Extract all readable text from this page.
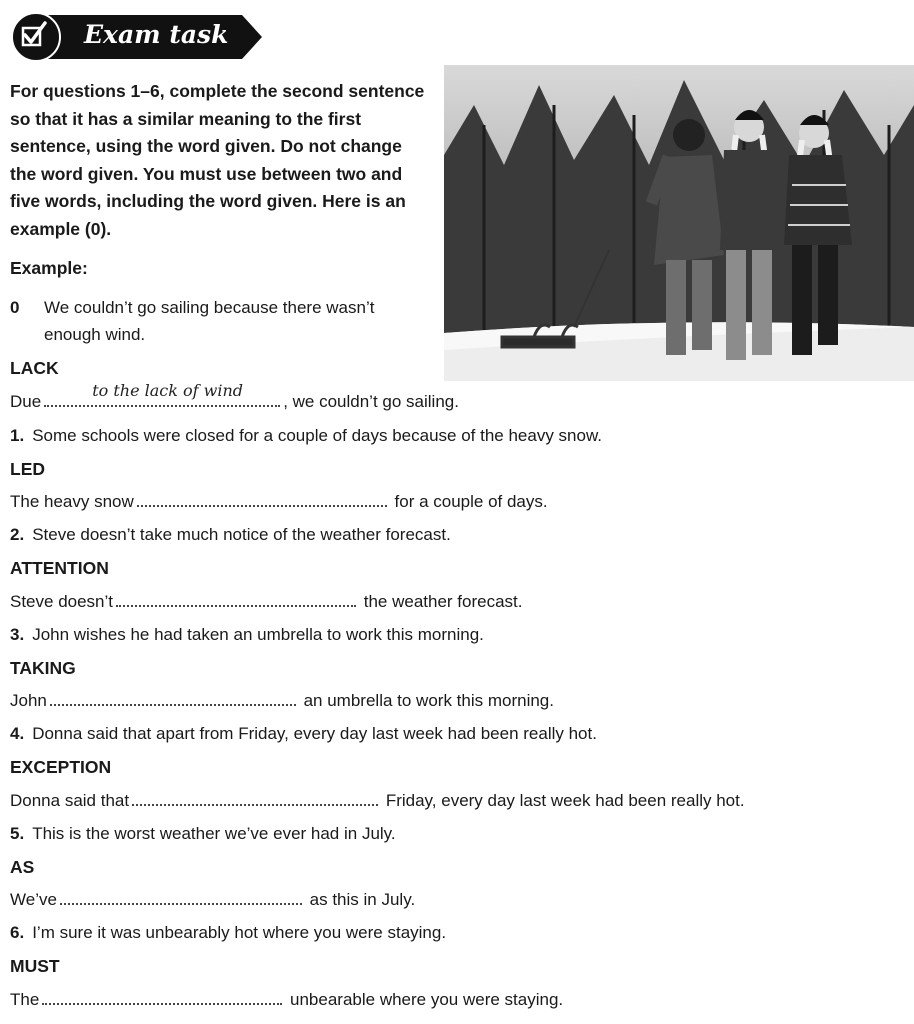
Exam task

For questions 1–6, complete the second sentence so that it has a similar meaning to the first sentence, using the word given. Do not change the word given. You must use between two and five words, including the word given. Here is an example (0).

Example:
0 We couldn’t go sailing because there wasn’t enough wind.
LACK
Due
to the lack of wind
, we couldn’t go sailing.
1. Some schools were closed for a couple of days because of the heavy snow.
LED
The heavy snow	for a couple of days.
2. Steve doesn’t take much notice of the weather forecast.
ATTENTION
Steve doesn’t	the weather forecast.
3. John wishes he had taken an umbrella to work this morning.
TAKING
John	an umbrella to work this morning.
4. Donna said that apart from Friday, every day last week had been really hot.
EXCEPTION
Donna said that	Friday, every day last week had been really hot.
5. This is the worst weather we’ve ever had in July.
AS
We’ve	as this in July.
6. I’m sure it was unbearably hot where you were staying.
MUST
The	unbearable where you were staying.
